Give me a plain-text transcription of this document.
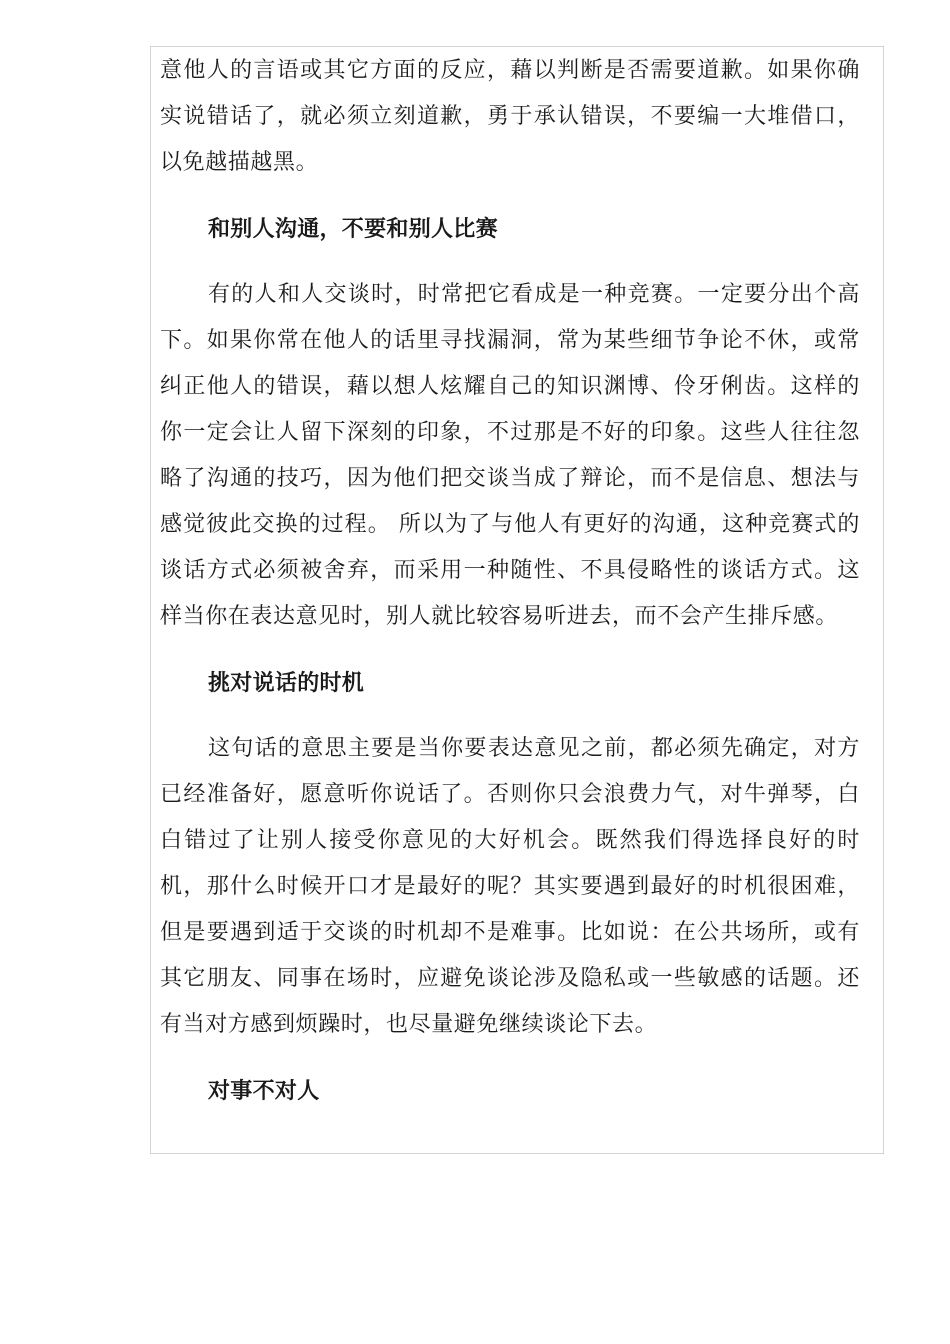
意他人的言语或其它方面的反应，藉以判断是否需要道歉。如果你确实说错话了，就必须立刻道歉，勇于承认错误，不要编一大堆借口，以免越描越黑。

和别人沟通，不要和别人比赛

有的人和人交谈时，时常把它看成是一种竞赛。一定要分出个高下。如果你常在他人的话里寻找漏洞，常为某些细节争论不休，或常纠正他人的错误，藉以想人炫耀自己的知识渊博、伶牙俐齿。这样的你一定会让人留下深刻的印象，不过那是不好的印象。这些人往往忽略了沟通的技巧，因为他们把交谈当成了辩论，而不是信息、想法与感觉彼此交换的过程。 所以为了与他人有更好的沟通，这种竞赛式的谈话方式必须被舍弃，而采用一种随性、不具侵略性的谈话方式。这样当你在表达意见时，别人就比较容易听进去，而不会产生排斥感。

挑对说话的时机

这句话的意思主要是当你要表达意见之前，都必须先确定，对方已经准备好，愿意听你说话了。否则你只会浪费力气，对牛弹琴，白白错过了让别人接受你意见的大好机会。既然我们得选择良好的时机，那什么时候开口才是最好的呢？其实要遇到最好的时机很困难，但是要遇到适于交谈的时机却不是难事。比如说：在公共场所，或有其它朋友、同事在场时，应避免谈论涉及隐私或一些敏感的话题。还有当对方感到烦躁时，也尽量避免继续谈论下去。

对事不对人
